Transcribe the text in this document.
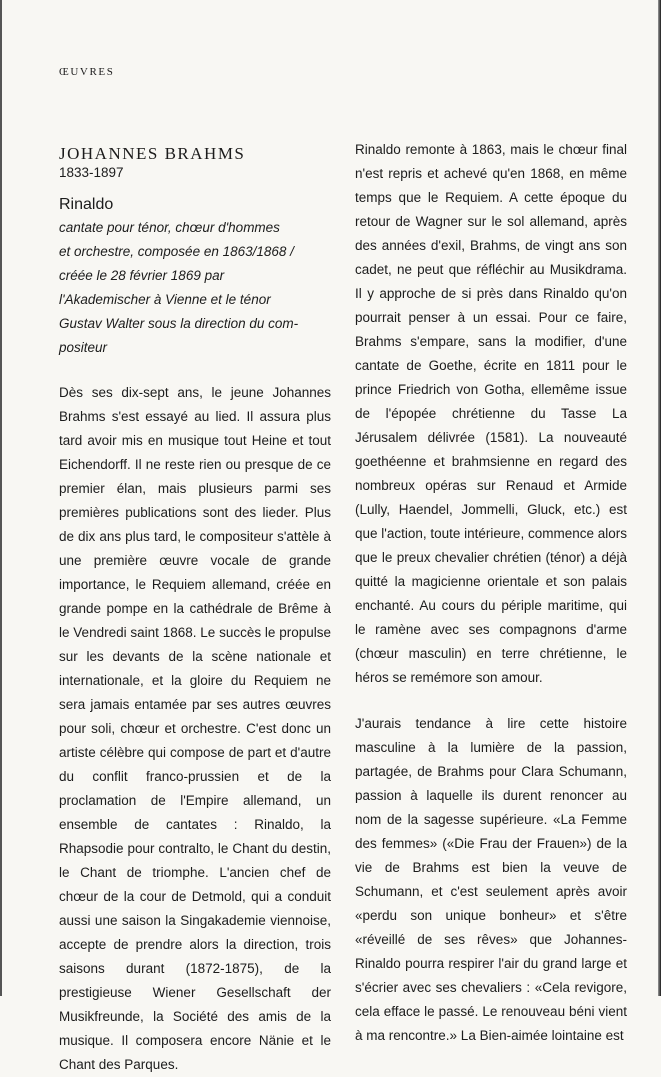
ŒUVRES
JOHANNES BRAHMS
1833-1897
Rinaldo
cantate pour ténor, chœur d'hommes
et orchestre, composée en 1863/1868 /
créée le 28 février 1869 par
l'Akademischer à Vienne et le ténor
Gustav Walter sous la direction du com-
positeur

Dès ses dix-sept ans, le jeune Johannes Brahms s'est essayé au lied. Il assura plus tard avoir mis en musique tout Heine et tout Eichendorff. Il ne reste rien ou presque de ce premier élan, mais plusieurs parmi ses premières publications sont des lieder. Plus de dix ans plus tard, le compositeur s'attèle à une première œuvre vocale de grande importance, le Requiem allemand, créée en grande pompe en la cathédrale de Brême à le Vendredi saint 1868. Le succès le propulse sur les devants de la scène nationale et internationale, et la gloire du Requiem ne sera jamais entamée par ses autres œuvres pour soli, chœur et orchestre. C'est donc un artiste célèbre qui compose de part et d'autre du conflit franco-prussien et de la proclamation de l'Empire allemand, un ensemble de cantates : Rinaldo, la Rhapsodie pour contralto, le Chant du destin, le Chant de triomphe. L'ancien chef de chœur de la cour de Detmold, qui a conduit aussi une saison la Singakademie viennoise, accepte de prendre alors la direction, trois saisons durant (1872-1875), de la prestigieuse Wiener Gesellschaft der Musikfreunde, la Société des amis de la musique. Il composera encore Nänie et le Chant des Parques.

Rinaldo remonte à 1863, mais le chœur final n'est repris et achevé qu'en 1868, en même temps que le Requiem. A cette époque du retour de Wagner sur le sol allemand, après des années d'exil, Brahms, de vingt ans son cadet, ne peut que réfléchir au Musikdrama. Il y approche de si près dans Rinaldo qu'on pourrait penser à un essai. Pour ce faire, Brahms s'empare, sans la modifier, d'une cantate de Goethe, écrite en 1811 pour le prince Friedrich von Gotha, ellemême issue de l'épopée chrétienne du Tasse La Jérusalem délivrée (1581). La nouveauté goethéenne et brahmsienne en regard des nombreux opéras sur Renaud et Armide (Lully, Haendel, Jommelli, Gluck, etc.) est que l'action, toute intérieure, commence alors que le preux chevalier chrétien (ténor) a déjà quitté la magicienne orientale et son palais enchanté. Au cours du périple maritime, qui le ramène avec ses compagnons d'arme (chœur masculin) en terre chrétienne, le héros se remémore son amour.

J'aurais tendance à lire cette histoire masculine à la lumière de la passion, partagée, de Brahms pour Clara Schumann, passion à laquelle ils durent renoncer au nom de la sagesse supérieure. «La Femme des femmes» («Die Frau der Frauen») de la vie de Brahms est bien la veuve de Schumann, et c'est seulement après avoir «perdu son unique bonheur» et s'être «réveillé de ses rêves» que Johannes-Rinaldo pourra respirer l'air du grand large et s'écrier avec ses chevaliers : «Cela revigore, cela efface le passé. Le renouveau béni vient à ma rencontre.» La Bien-aimée lointaine est
